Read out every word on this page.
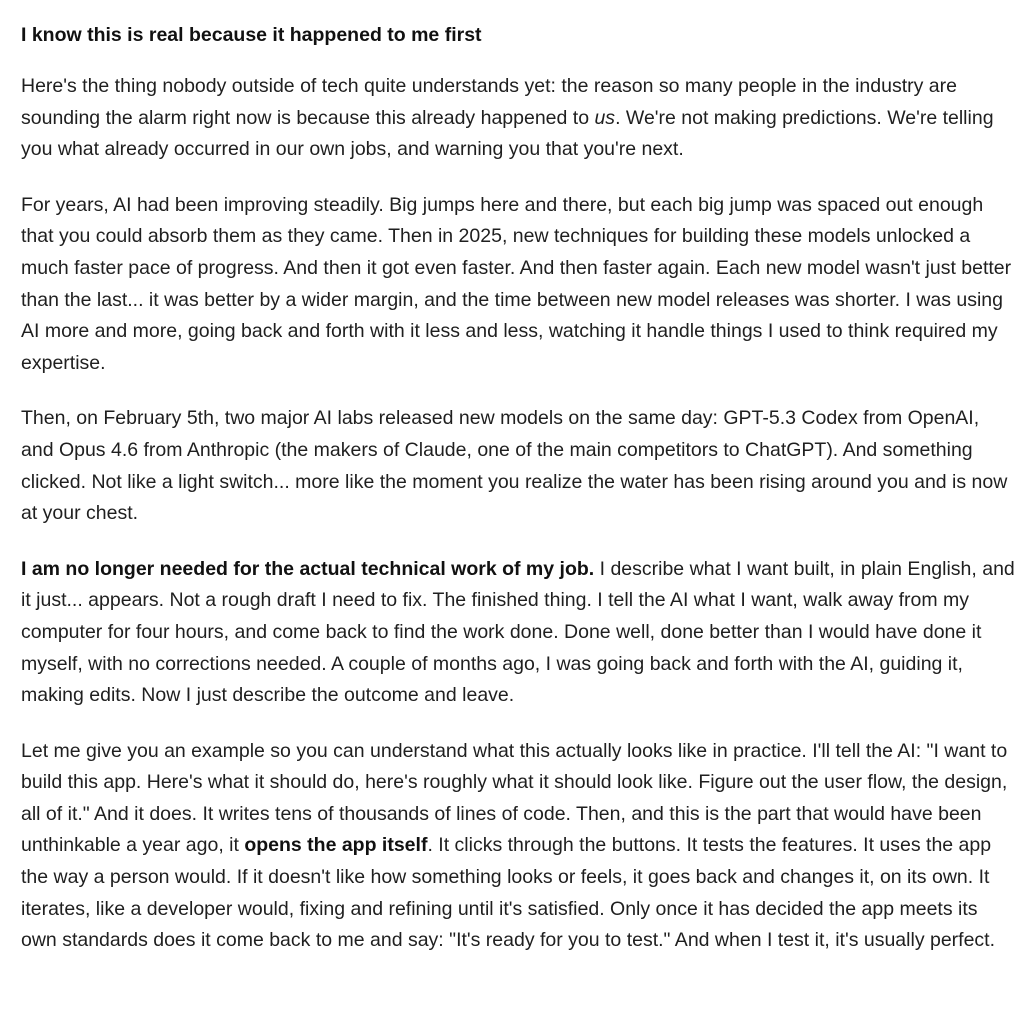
I know this is real because it happened to me first

Here's the thing nobody outside of tech quite understands yet: the reason so many people in the industry are sounding the alarm right now is because this already happened to us. We're not making predictions. We're telling you what already occurred in our own jobs, and warning you that you're next.

For years, AI had been improving steadily. Big jumps here and there, but each big jump was spaced out enough that you could absorb them as they came. Then in 2025, new techniques for building these models unlocked a much faster pace of progress. And then it got even faster. And then faster again. Each new model wasn't just better than the last... it was better by a wider margin, and the time between new model releases was shorter. I was using AI more and more, going back and forth with it less and less, watching it handle things I used to think required my expertise.

Then, on February 5th, two major AI labs released new models on the same day: GPT-5.3 Codex from OpenAI, and Opus 4.6 from Anthropic (the makers of Claude, one of the main competitors to ChatGPT). And something clicked. Not like a light switch... more like the moment you realize the water has been rising around you and is now at your chest.

I am no longer needed for the actual technical work of my job. I describe what I want built, in plain English, and it just... appears. Not a rough draft I need to fix. The finished thing. I tell the AI what I want, walk away from my computer for four hours, and come back to find the work done. Done well, done better than I would have done it myself, with no corrections needed. A couple of months ago, I was going back and forth with the AI, guiding it, making edits. Now I just describe the outcome and leave.

Let me give you an example so you can understand what this actually looks like in practice. I'll tell the AI: "I want to build this app. Here's what it should do, here's roughly what it should look like. Figure out the user flow, the design, all of it." And it does. It writes tens of thousands of lines of code. Then, and this is the part that would have been unthinkable a year ago, it opens the app itself. It clicks through the buttons. It tests the features. It uses the app the way a person would. If it doesn't like how something looks or feels, it goes back and changes it, on its own. It iterates, like a developer would, fixing and refining until it's satisfied. Only once it has decided the app meets its own standards does it come back to me and say: "It's ready for you to test." And when I test it, it's usually perfect.
